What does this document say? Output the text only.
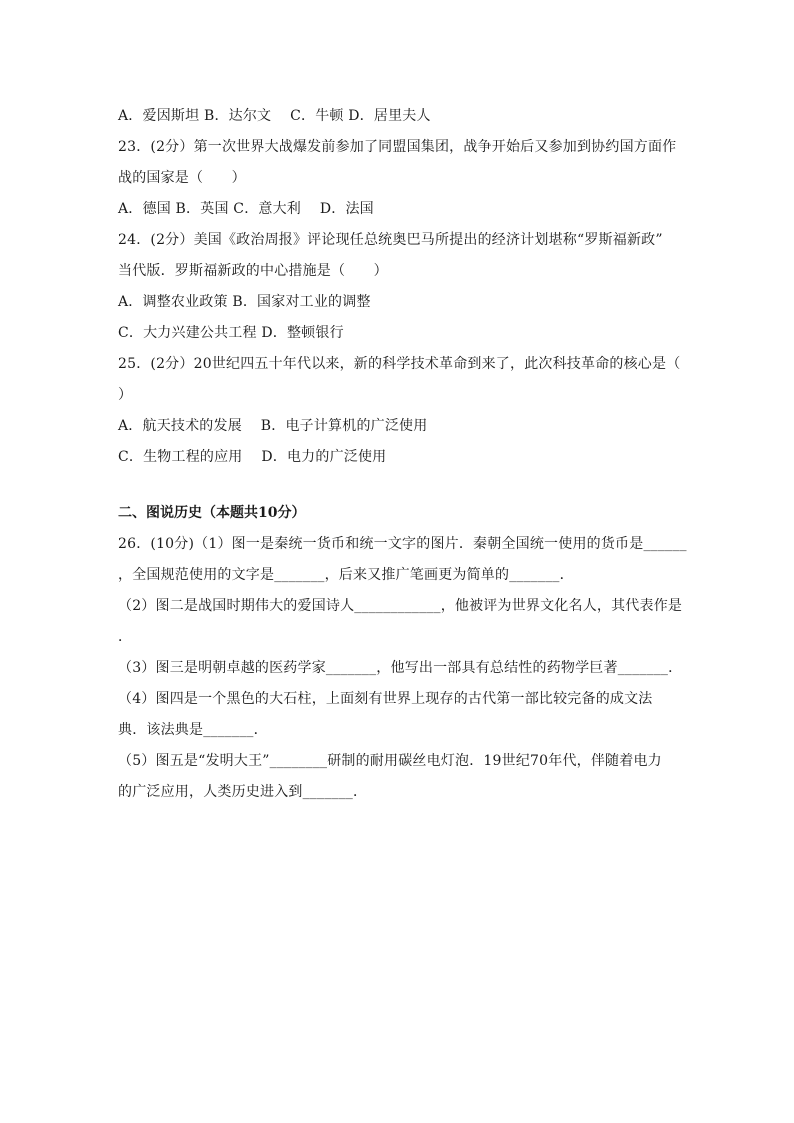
A．爱因斯坦 B．达尔文　 C．牛顿 D．居里夫人
23．(2分）第一次世界大战爆发前参加了同盟国集团，战争开始后又参加到协约国方面作
战的国家是（　　）
A．德国 B．英国 C．意大利　 D．法国
24．(2分）美国《政治周报》评论现任总统奥巴马所提出的经济计划堪称“罗斯福新政”
当代版．罗斯福新政的中心措施是（　　）
A．调整农业政策 B．国家对工业的调整
C．大力兴建公共工程 D．整顿银行
25．(2分）20世纪四五十年代以来，新的科学技术革命到来了，此次科技革命的核心是（
）
A．航天技术的发展　 B．电子计算机的广泛使用
C．生物工程的应用　 D．电力的广泛使用
二、图说历史（本题共10分）
26．(10分)（1）图一是秦统一货币和统一文字的图片．秦朝全国统一使用的货币是______
，全国规范使用的文字是_______，后来又推广笔画更为简单的_______．
（2）图二是战国时期伟大的爱国诗人____________，他被评为世界文化名人，其代表作是
．
（3）图三是明朝卓越的医药学家_______，他写出一部具有总结性的药物学巨著_______．
（4）图四是一个黑色的大石柱，上面刻有世界上现存的古代第一部比较完备的成文法
典．该法典是_______．
（5）图五是“发明大王”________研制的耐用碳丝电灯泡．19世纪70年代，伴随着电力
的广泛应用，人类历史进入到_______．
